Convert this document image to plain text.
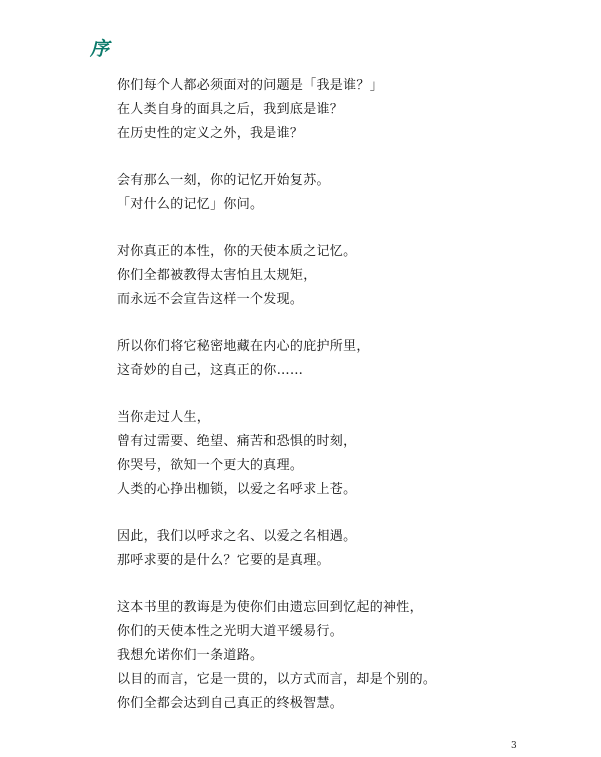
序
你们每个人都必须面对的问题是「我是谁？」
在人类自身的面具之后，我到底是谁？
在历史性的定义之外，我是谁？
会有那么一刻，你的记忆开始复苏。
「对什么的记忆」你问。
对你真正的本性，你的天使本质之记忆。
你们全都被教得太害怕且太规矩，
而永远不会宣告这样一个发现。
所以你们将它秘密地藏在内心的庇护所里，
这奇妙的自己，这真正的你……
当你走过人生，
曾有过需要、绝望、痛苦和恐惧的时刻，
你哭号，欲知一个更大的真理。
人类的心挣出枷锁，以爱之名呼求上苍。
因此，我们以呼求之名、以爱之名相遇。
那呼求要的是什么？它要的是真理。
这本书里的教诲是为使你们由遗忘回到忆起的神性，
你们的天使本性之光明大道平缓易行。
我想允诺你们一条道路。
以目的而言，它是一贯的，以方式而言，却是个别的。
你们全都会达到自己真正的终极智慧。
3
